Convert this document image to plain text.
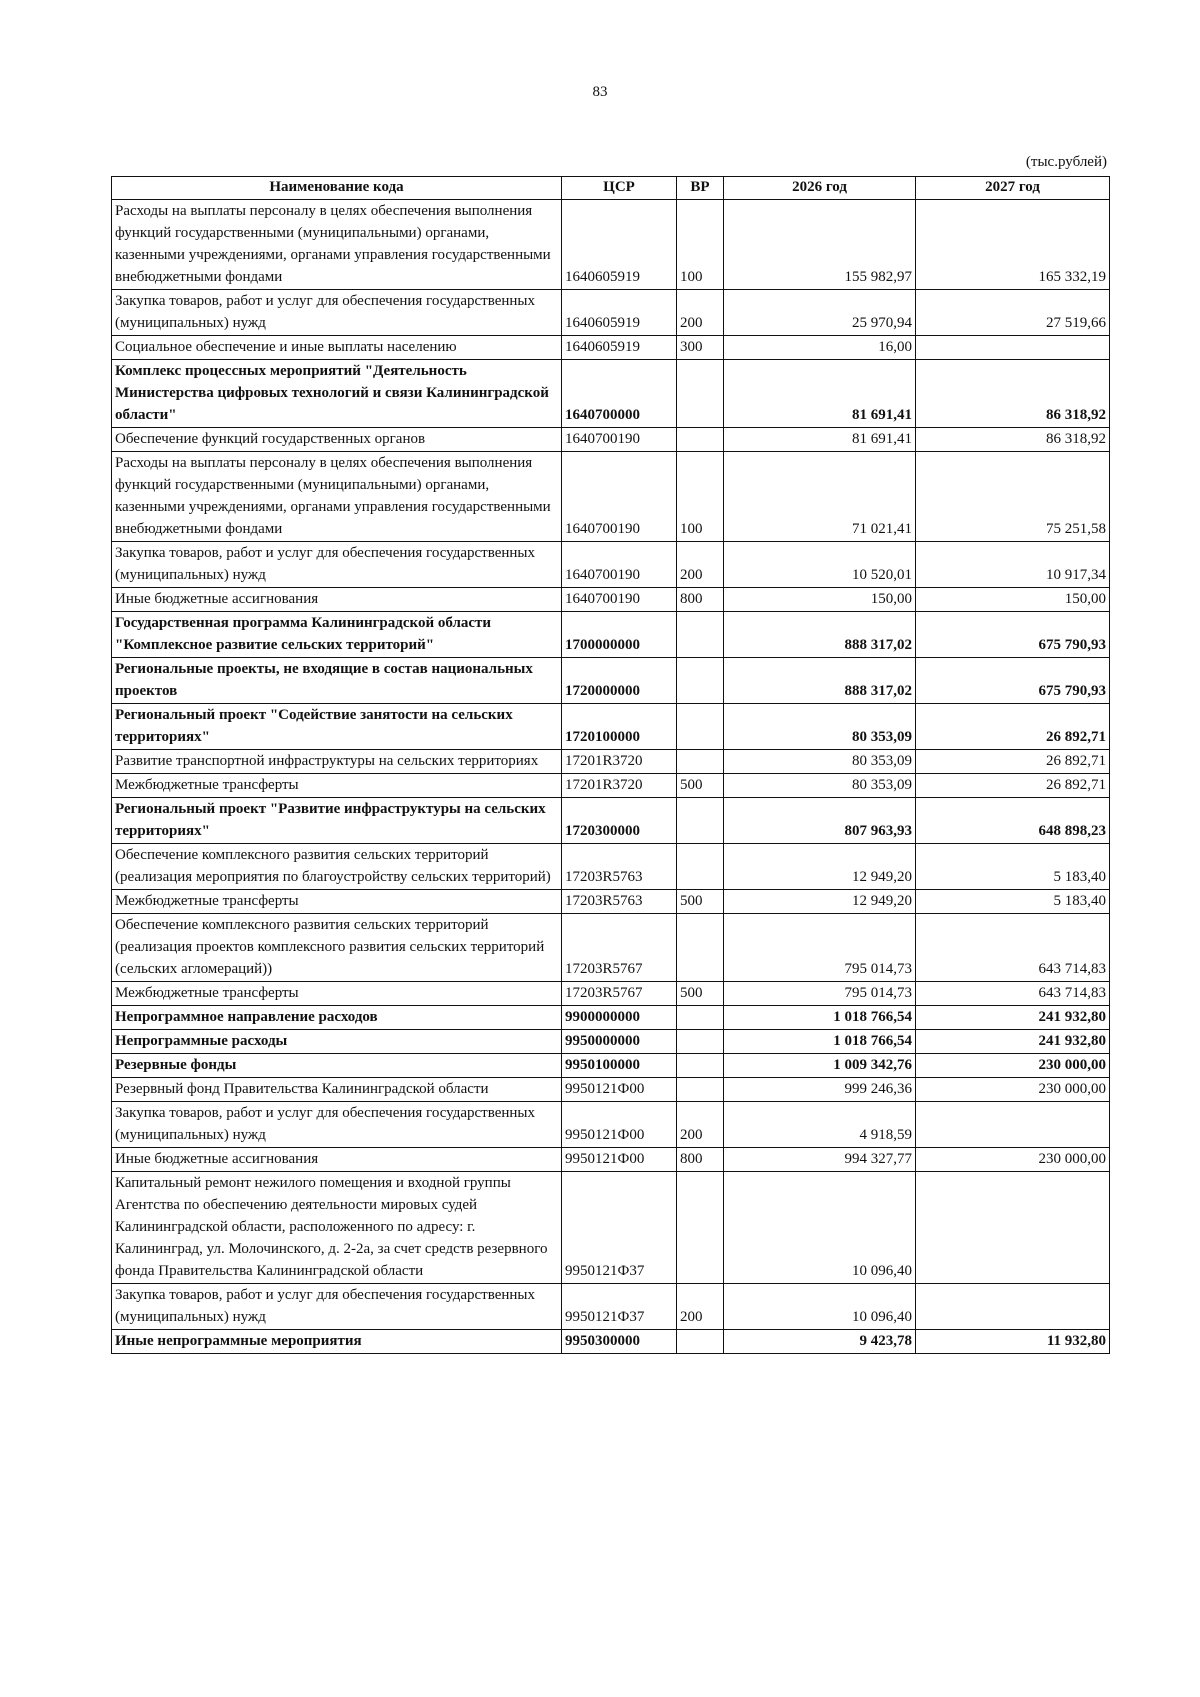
83
(тыс.рублей)
Наименование кода	ЦСР	ВР	2026 год	2027 год
Расходы на выплаты персоналу в целях обеспечения выполнения функций государственными (муниципальными) органами, казенными учреждениями, органами управления государственными внебюджетными фондами	1640605919	100	155 982,97	165 332,19
Закупка товаров, работ и услуг для обеспечения государственных (муниципальных) нужд	1640605919	200	25 970,94	27 519,66
Социальное обеспечение и иные выплаты населению	1640605919	300	16,00	
Комплекс процессных мероприятий "Деятельность Министерства цифровых технологий и связи Калининградской области"	1640700000		81 691,41	86 318,92
Обеспечение функций государственных органов	1640700190		81 691,41	86 318,92
Расходы на выплаты персоналу в целях обеспечения выполнения функций государственными (муниципальными) органами, казенными учреждениями, органами управления государственными внебюджетными фондами	1640700190	100	71 021,41	75 251,58
Закупка товаров, работ и услуг для обеспечения государственных (муниципальных) нужд	1640700190	200	10 520,01	10 917,34
Иные бюджетные ассигнования	1640700190	800	150,00	150,00
Государственная программа Калининградской области "Комплексное развитие сельских территорий"	1700000000		888 317,02	675 790,93
Региональные проекты, не входящие в состав национальных проектов	1720000000		888 317,02	675 790,93
Региональный проект "Содействие занятости на сельских территориях"	1720100000		80 353,09	26 892,71
Развитие транспортной инфраструктуры на сельских территориях	17201R3720		80 353,09	26 892,71
Межбюджетные трансферты	17201R3720	500	80 353,09	26 892,71
Региональный проект "Развитие инфраструктуры на сельских территориях"	1720300000		807 963,93	648 898,23
Обеспечение комплексного развития сельских территорий (реализация мероприятия по благоустройству сельских территорий)	17203R5763		12 949,20	5 183,40
Межбюджетные трансферты	17203R5763	500	12 949,20	5 183,40
Обеспечение комплексного развития сельских территорий (реализация проектов комплексного развития сельских территорий (сельских агломераций))	17203R5767		795 014,73	643 714,83
Межбюджетные трансферты	17203R5767	500	795 014,73	643 714,83
Непрограммное направление расходов	9900000000		1 018 766,54	241 932,80
Непрограммные расходы	9950000000		1 018 766,54	241 932,80
Резервные фонды	9950100000		1 009 342,76	230 000,00
Резервный фонд Правительства Калининградской области	9950121Ф00		999 246,36	230 000,00
Закупка товаров, работ и услуг для обеспечения государственных (муниципальных) нужд	9950121Ф00	200	4 918,59	
Иные бюджетные ассигнования	9950121Ф00	800	994 327,77	230 000,00
Капитальный ремонт нежилого помещения и входной группы Агентства по обеспечению деятельности мировых судей Калининградской области, расположенного по адресу: г. Калининград, ул. Молочинского, д. 2-2а, за счет средств резервного фонда Правительства Калининградской области	9950121Ф37		10 096,40	
Закупка товаров, работ и услуг для обеспечения государственных (муниципальных) нужд	9950121Ф37	200	10 096,40	
Иные непрограммные мероприятия	9950300000		9 423,78	11 932,80
